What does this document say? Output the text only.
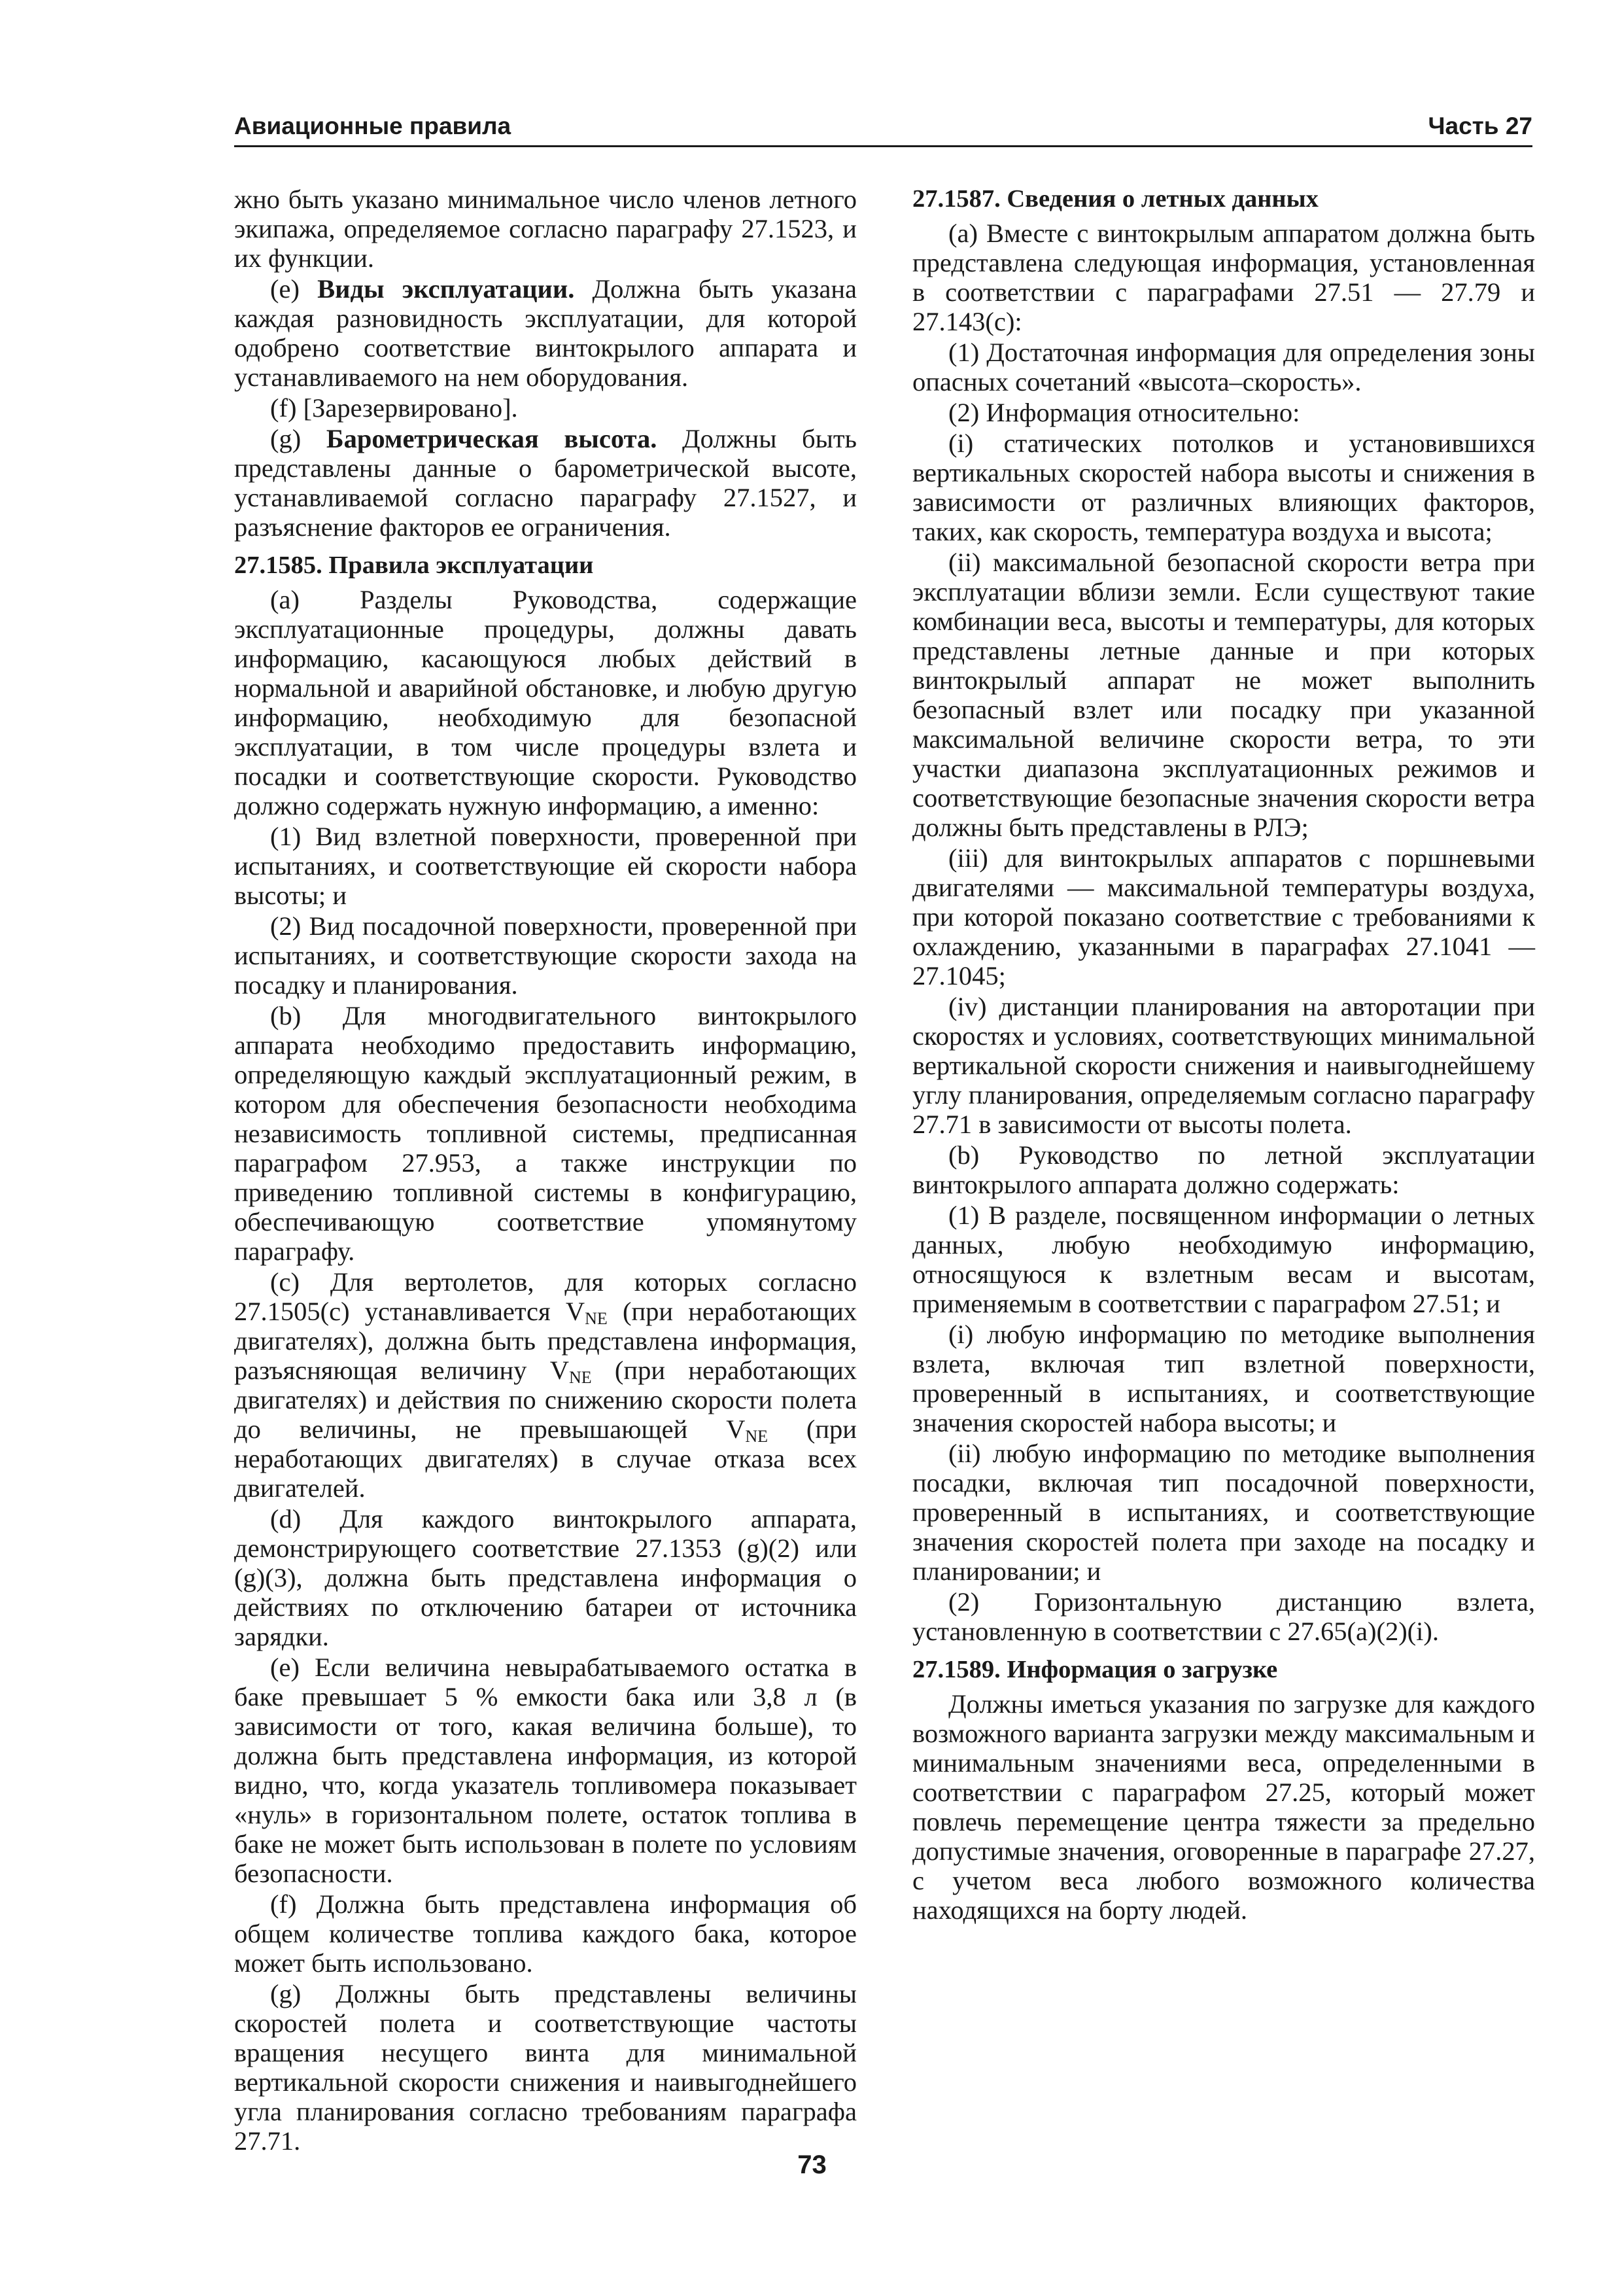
Авиационные правила	Часть 27

жно быть указано минимальное число членов летного экипажа, определяемое согласно параграфу 27.1523, и их функции.

(e) Виды эксплуатации. Должна быть указана каждая разновидность эксплуатации, для которой одобрено соответствие винтокрылого аппарата и устанавливаемого на нем оборудования.

(f) [Зарезервировано].

(g) Барометрическая высота. Должны быть представлены данные о барометрической высоте, устанавливаемой согласно параграфу 27.1527, и разъяснение факторов ее ограничения.

27.1585. Правила эксплуатации

(a) Разделы Руководства, содержащие эксплуатационные процедуры, должны давать информацию, касающуюся любых действий в нормальной и аварийной обстановке, и любую другую информацию, необходимую для безопасной эксплуатации, в том числе процедуры взлета и посадки и соответствующие скорости. Руководство должно содержать нужную информацию, а именно:

(1) Вид взлетной поверхности, проверенной при испытаниях, и соответствующие ей скорости набора высоты; и

(2) Вид посадочной поверхности, проверенной при испытаниях, и соответствующие скорости захода на посадку и планирования.

(b) Для многодвигательного винтокрылого аппарата необходимо предоставить информацию, определяющую каждый эксплуатационный режим, в котором для обеспечения безопасности необходима независимость топливной системы, предписанная параграфом 27.953, а также инструкции по приведению топливной системы в конфигурацию, обеспечивающую соответствие упомянутому параграфу.

(c) Для вертолетов, для которых согласно 27.1505(c) устанавливается $V_{NE}$ (при неработающих двигателях), должна быть представлена информация, разъясняющая величину $V_{NE}$ (при неработающих двигателях) и действия по снижению скорости полета до величины, не превышающей $V_{NE}$ (при неработающих двигателях) в случае отказа всех двигателей.

(d) Для каждого винтокрылого аппарата, демонстрирующего соответствие 27.1353 (g)(2) или (g)(3), должна быть представлена информация о действиях по отключению батареи от источника зарядки.

(e) Если величина невырабатываемого остатка в баке превышает 5 % емкости бака или 3,8 л (в зависимости от того, какая величина больше), то должна быть представлена информация, из которой видно, что, когда указатель топливомера показывает «нуль» в горизонтальном полете, остаток топлива в баке не может быть использован в полете по условиям безопасности.

(f) Должна быть представлена информация об общем количестве топлива каждого бака, которое может быть использовано.

(g) Должны быть представлены величины скоростей полета и соответствующие частоты вращения несущего винта для минимальной вертикальной скорости снижения и наивыгоднейшего угла планирования согласно требованиям параграфа 27.71.

27.1587. Сведения о летных данных

(a) Вместе с винтокрылым аппаратом должна быть представлена следующая информация, установленная в соответствии с параграфами 27.51 — 27.79 и 27.143(c):

(1) Достаточная информация для определения зоны опасных сочетаний «высота–скорость».

(2) Информация относительно:

(i) статических потолков и установившихся вертикальных скоростей набора высоты и снижения в зависимости от различных влияющих факторов, таких, как скорость, температура воздуха и высота;

(ii) максимальной безопасной скорости ветра при эксплуатации вблизи земли. Если существуют такие комбинации веса, высоты и температуры, для которых представлены летные данные и при которых винтокрылый аппарат не может выполнить безопасный взлет или посадку при указанной максимальной величине скорости ветра, то эти участки диапазона эксплуатационных режимов и соответствующие безопасные значения скорости ветра должны быть представлены в РЛЭ;

(iii) для винтокрылых аппаратов с поршневыми двигателями — максимальной температуры воздуха, при которой показано соответствие с требованиями к охлаждению, указанными в параграфах 27.1041 — 27.1045;

(iv) дистанции планирования на авторотации при скоростях и условиях, соответствующих минимальной вертикальной скорости снижения и наивыгоднейшему углу планирования, определяемым согласно параграфу 27.71 в зависимости от высоты полета.

(b) Руководство по летной эксплуатации винтокрылого аппарата должно содержать:

(1) В разделе, посвященном информации о летных данных, любую необходимую информацию, относящуюся к взлетным весам и высотам, применяемым в соответствии с параграфом 27.51; и

(i) любую информацию по методике выполнения взлета, включая тип взлетной поверхности, проверенный в испытаниях, и соответствующие значения скоростей набора высоты; и

(ii) любую информацию по методике выполнения посадки, включая тип посадочной поверхности, проверенный в испытаниях, и соответствующие значения скоростей полета при заходе на посадку и планировании; и

(2) Горизонтальную дистанцию взлета, установленную в соответствии с 27.65(a)(2)(i).

27.1589. Информация о загрузке

Должны иметься указания по загрузке для каждого возможного варианта загрузки между максимальным и минимальным значениями веса, определенными в соответствии с параграфом 27.25, который может повлечь перемещение центра тяжести за предельно допустимые значения, оговоренные в параграфе 27.27, с учетом веса любого возможного количества находящихся на борту людей.

73
